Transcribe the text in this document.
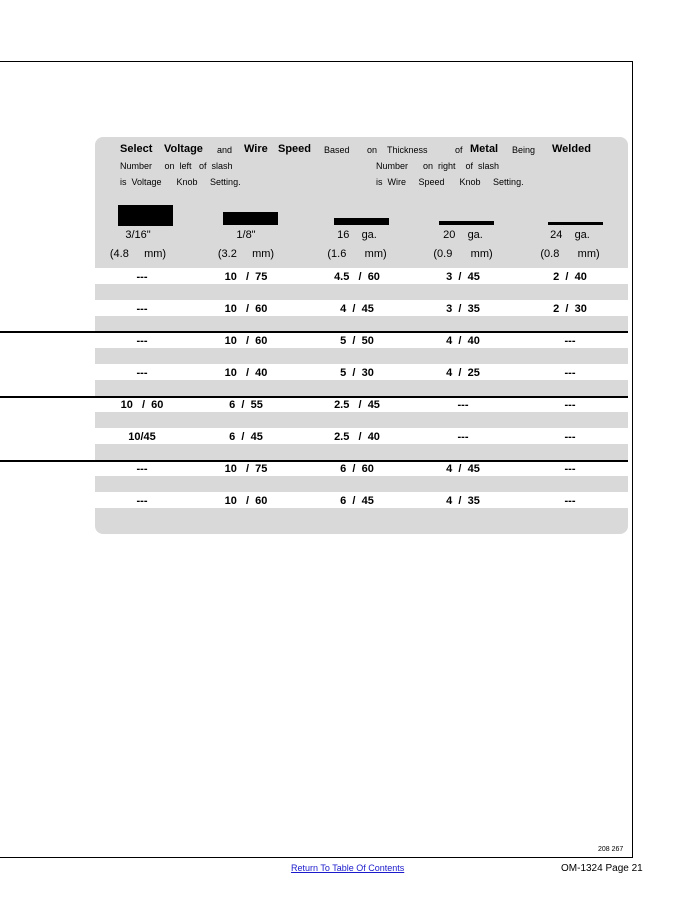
Select Voltage and Wire Speed Based on Thickness	of Metal Being Welded
Number     on  left   of  slash
is  Voltage      Knob     Setting.
Number      on  right    of  slash
is  Wire     Speed      Knob     Setting.
3/16"	1/8"	16    ga.	20    ga.	24    ga.
(4.8     mm)	(3.2     mm)	(1.6      mm)	(0.9      mm)	(0.8      mm)
---	10   /  75	4.5   /  60	3  /  45	2  /  40
---	10   /  60	4  /  45	3  /  35	2  /  30
---	10   /  60	5  /  50	4  /  40	---
---	10   /  40	5  /  30	4  /  25	---
10   /  60	6  /  55	2.5   /  45	---	---
10/45	6  /  45	2.5   /  40	---	---
---	10   /  75	6  /  60	4  /  45	---
---	10   /  60	6  /  45	4  /  35	---
208 267
Return To Table Of Contents	OM-1324 Page 21
